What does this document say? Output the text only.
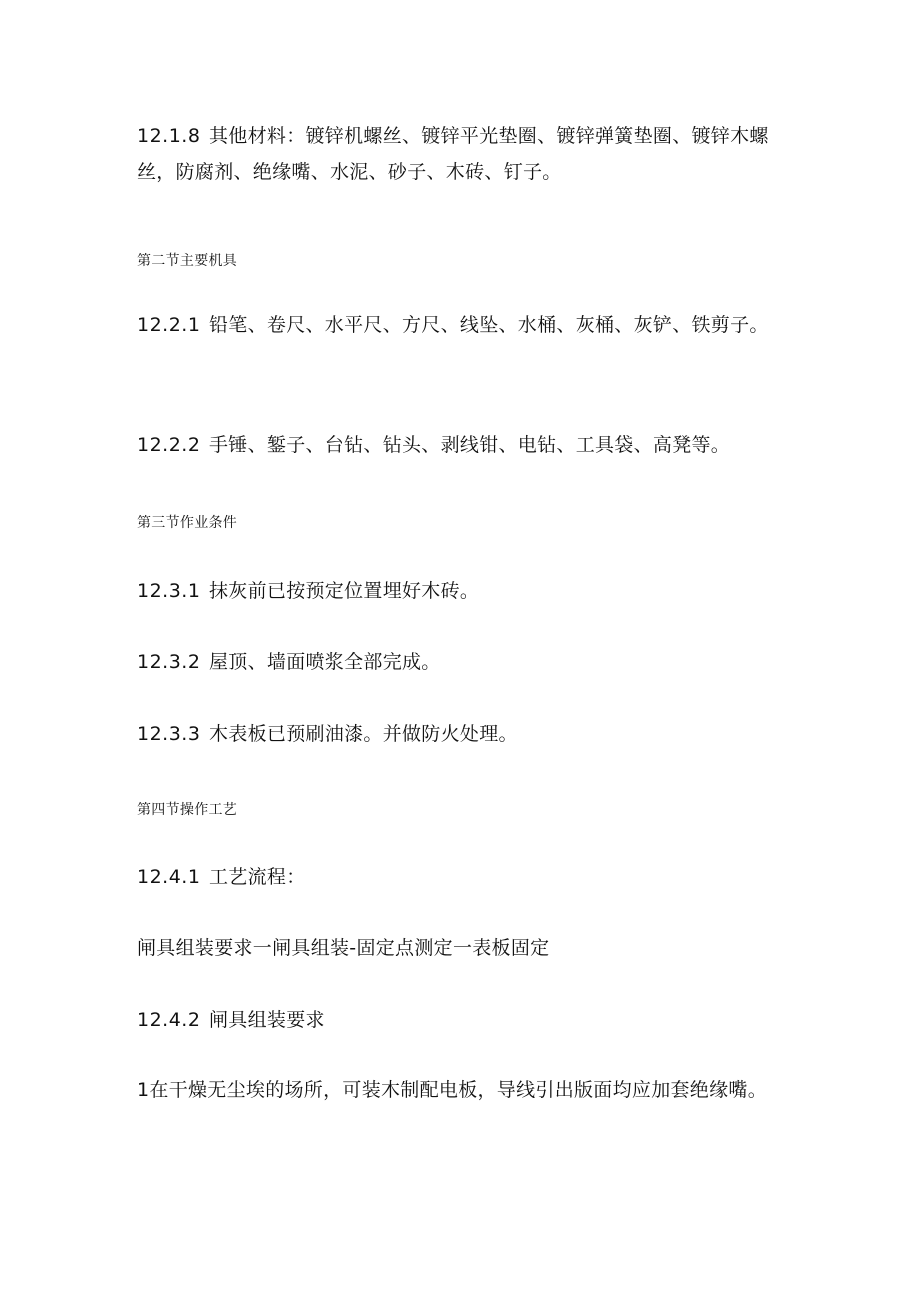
12.1.8 其他材料：镀锌机螺丝、镀锌平光垫圈、镀锌弹簧垫圈、镀锌木螺丝，防腐剂、绝缘嘴、水泥、砂子、木砖、钉子。

第二节主要机具

12.2.1 铅笔、卷尺、水平尺、方尺、线坠、水桶、灰桶、灰铲、铁剪子。

12.2.2 手锤、錾子、台钻、钻头、剥线钳、电钻、工具袋、高凳等。

第三节作业条件

12.3.1 抹灰前已按预定位置埋好木砖。

12.3.2 屋顶、墙面喷浆全部完成。

12.3.3 木表板已预刷油漆。并做防火处理。

第四节操作工艺

12.4.1 工艺流程：

闸具组装要求一闸具组装-固定点测定一表板固定

12.4.2 闸具组装要求

1在干燥无尘埃的场所，可装木制配电板，导线引出版面均应加套绝缘嘴。
